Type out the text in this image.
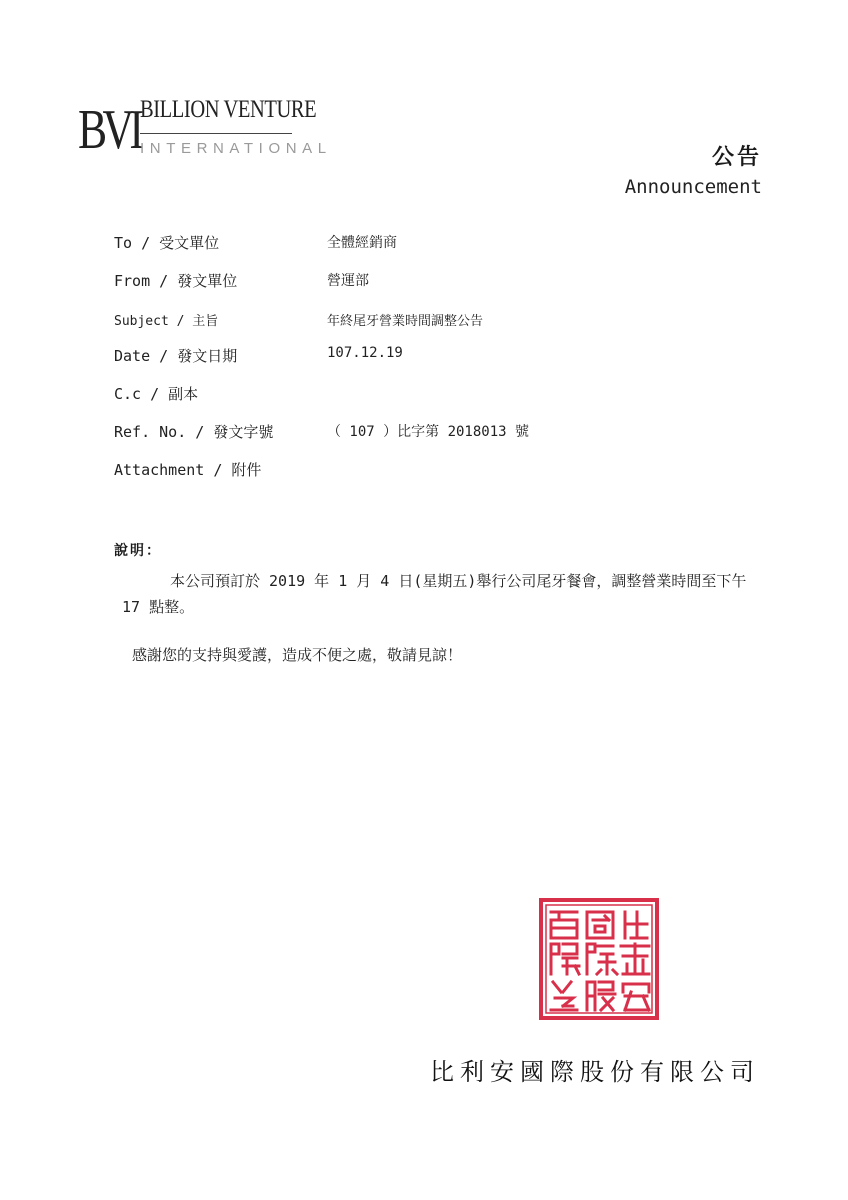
BVI BILLION VENTURE
INTERNATIONAL	公告
Announcement
To / 受文單位	全體經銷商
From / 發文單位	營運部
Subject / 主旨	年終尾牙營業時間調整公告
Date / 發文日期	107.12.19
C.c / 副本
Ref. No. / 發文字號	（ 107 ）比字第 2018013 號
Attachment / 附件
說明：
本公司預訂於 2019 年 1 月 4 日(星期五)舉行公司尾牙餐會，調整營業時間至下午 17 點整。
感謝您的支持與愛護，造成不便之處，敬請見諒！
比利安國際股份有限公司
